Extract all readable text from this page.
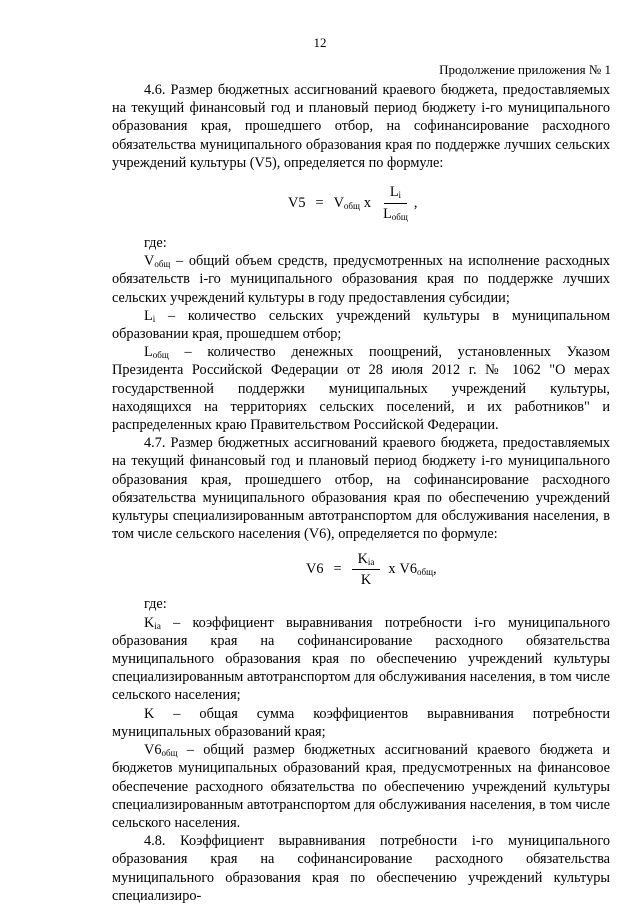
12
Продолжение приложения № 1

4.6. Размер бюджетных ассигнований краевого бюджета, предоставляемых на текущий финансовый год и плановый период бюджету i-го муниципального образования края, прошедшего отбор, на софинансирование расходного обязательства муниципального образования края по поддержке лучших сельских учреждений культуры (V5), определяется по формуле:

$V5 = V_{общ}$ x $\frac{L_i}{L_{общ}}$ ,

где:

$V_{общ}$ – общий объем средств, предусмотренных на исполнение расходных обязательств i-го муниципального образования края по поддержке лучших сельских учреждений культуры в году предоставления субсидии;

$L_i$ – количество сельских учреждений культуры в муниципальном образовании края, прошедшем отбор;

$L_{общ}$ – количество денежных поощрений, установленных Указом Президента Российской Федерации от 28 июля 2012 г. № 1062 "О мерах государственной поддержки муниципальных учреждений культуры, находящихся на территориях сельских поселений, и их работников" и распределенных краю Правительством Российской Федерации.

4.7. Размер бюджетных ассигнований краевого бюджета, предоставляемых на текущий финансовый год и плановый период бюджету i-го муниципального образования края, прошедшего отбор, на софинансирование расходного обязательства муниципального образования края по обеспечению учреждений культуры специализированным автотранспортом для обслуживания населения, в том числе сельского населения (V6), определяется по формуле:

$V6 = \frac{K_{ia}}{K}$ x $V6_{общ}$ ,

где:

$K_{ia}$ – коэффициент выравнивания потребности i-го муниципального образования края на софинансирование расходного обязательства муниципального образования края по обеспечению учреждений культуры специализированным автотранспортом для обслуживания населения, в том числе сельского населения;

K – общая сумма коэффициентов выравнивания потребности муниципальных образований края;

$V6_{общ}$ – общий размер бюджетных ассигнований краевого бюджета и бюджетов муниципальных образований края, предусмотренных на финансовое обеспечение расходного обязательства по обеспечению учреждений культуры специализированным автотранспортом для обслуживания населения, в том числе сельского населения.

4.8. Коэффициент выравнивания потребности i-го муниципального образования края на софинансирование расходного обязательства муниципального образования края по обеспечению учреждений культуры специализиро-
